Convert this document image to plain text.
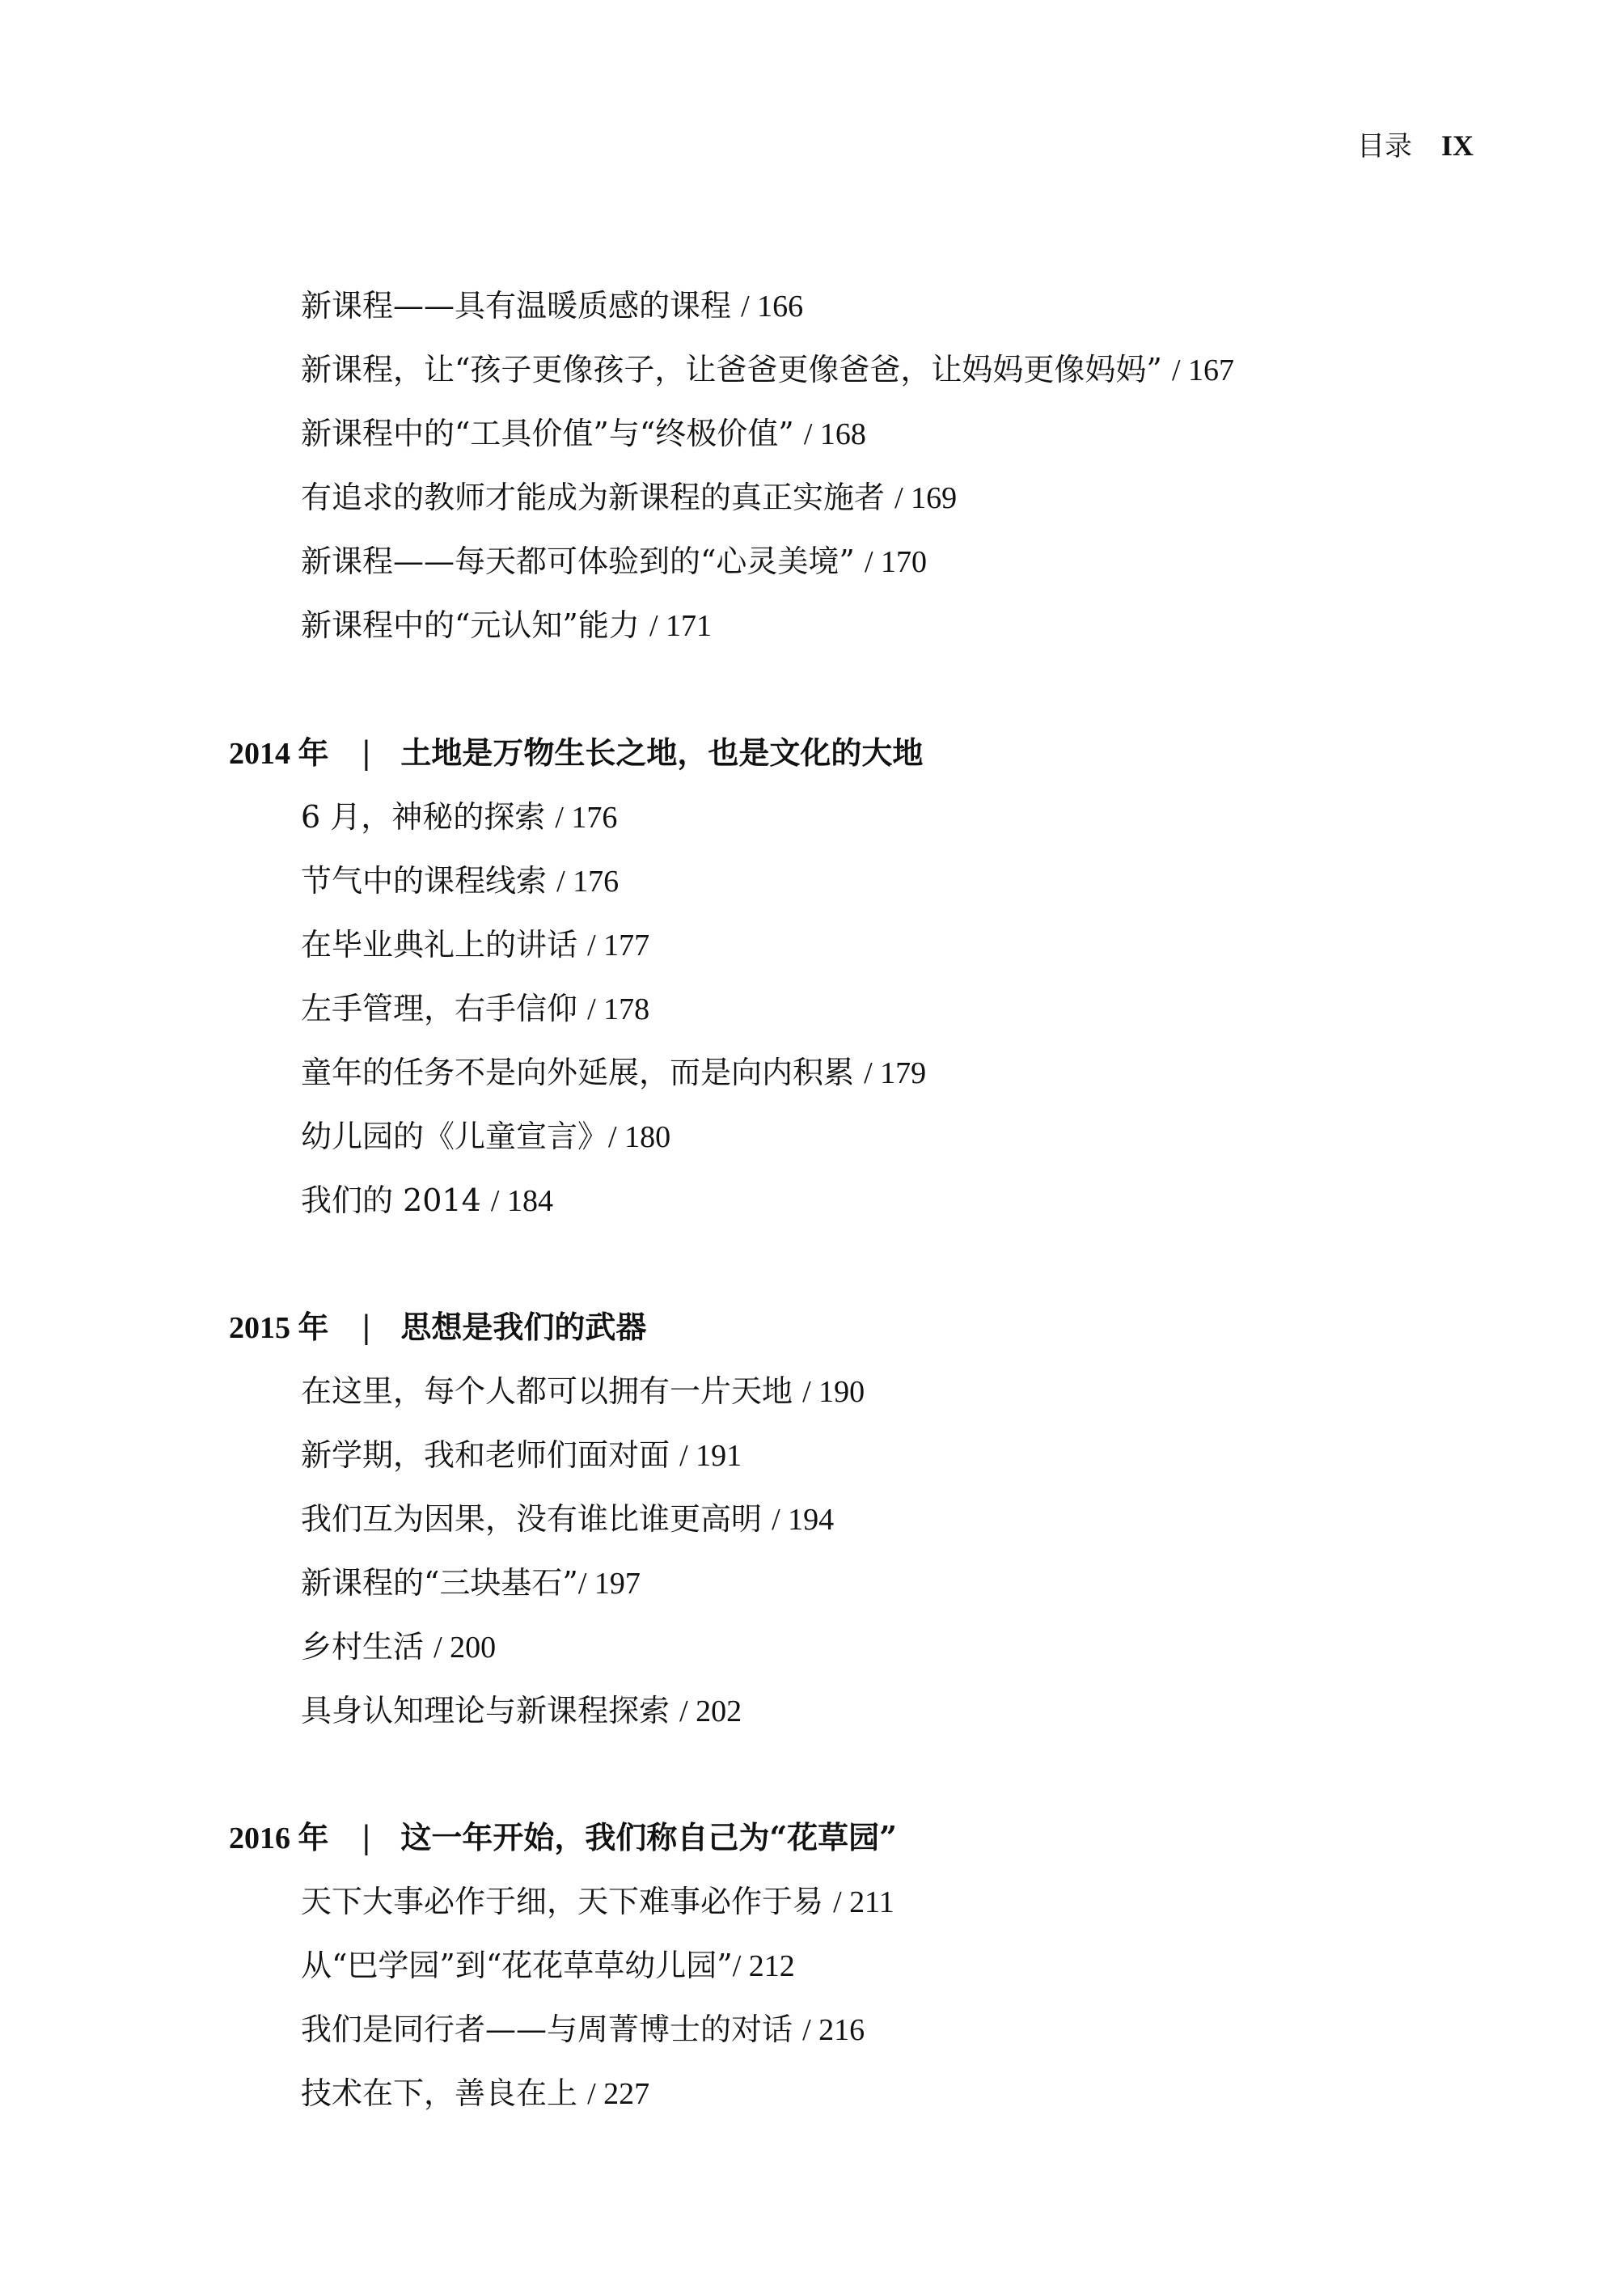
目录 IX
新课程——具有温暖质感的课程 / 166
新课程，让“孩子更像孩子，让爸爸更像爸爸，让妈妈更像妈妈” / 167
新课程中的“工具价值”与“终极价值” / 168
有追求的教师才能成为新课程的真正实施者 / 169
新课程——每天都可体验到的“心灵美境” / 170
新课程中的“元认知”能力 / 171
2014 年 | 土地是万物生长之地，也是文化的大地
6 月，神秘的探索 / 176
节气中的课程线索 / 176
在毕业典礼上的讲话 / 177
左手管理，右手信仰 / 178
童年的任务不是向外延展，而是向内积累 / 179
幼儿园的《儿童宣言》/ 180
我们的 2014 / 184
2015 年 | 思想是我们的武器
在这里，每个人都可以拥有一片天地 / 190
新学期，我和老师们面对面 / 191
我们互为因果，没有谁比谁更高明 / 194
新课程的“三块基石”/ 197
乡村生活 / 200
具身认知理论与新课程探索 / 202
2016 年 | 这一年开始，我们称自己为“花草园”
天下大事必作于细，天下难事必作于易 / 211
从“巴学园”到“花花草草幼儿园”/ 212
我们是同行者——与周菁博士的对话 / 216
技术在下，善良在上 / 227
